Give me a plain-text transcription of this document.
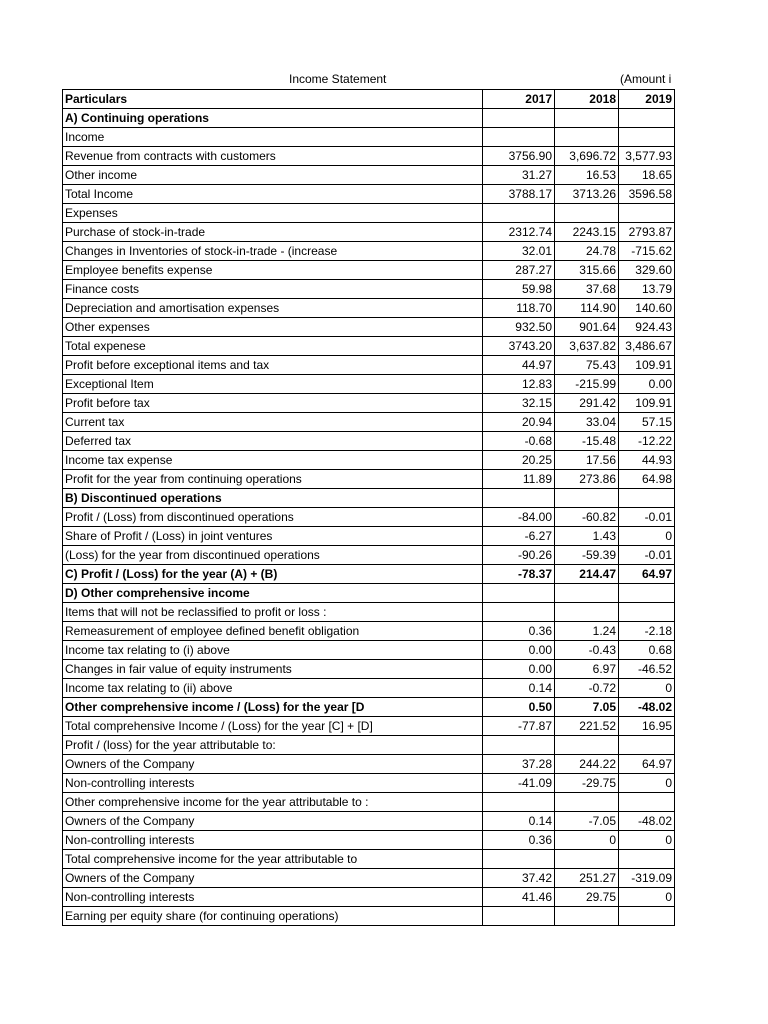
Income Statement	(Amount i
Particulars	2017	2018	2019
A) Continuing operations			
Income			
Revenue from contracts with customers	3756.90	3,696.72	3,577.93
Other income	31.27	16.53	18.65
Total Income	3788.17	3713.26	3596.58
Expenses			
Purchase of stock-in-trade	2312.74	2243.15	2793.87
Changes in Inventories of stock-in-trade - (increase	32.01	24.78	-715.62
Employee benefits expense	287.27	315.66	329.60
Finance costs	59.98	37.68	13.79
Depreciation and amortisation expenses	118.70	114.90	140.60
Other expenses	932.50	901.64	924.43
Total expenese	3743.20	3,637.82	3,486.67
Profit before exceptional items and tax	44.97	75.43	109.91
Exceptional Item	12.83	-215.99	0.00
Profit before tax	32.15	291.42	109.91
Current tax	20.94	33.04	57.15
Deferred tax	-0.68	-15.48	-12.22
Income tax expense	20.25	17.56	44.93
Profit for the year from continuing operations	11.89	273.86	64.98
B) Discontinued operations			
Profit / (Loss) from discontinued operations	-84.00	-60.82	-0.01
Share of Profit / (Loss) in joint ventures	-6.27	1.43	0
(Loss) for the year from discontinued operations	-90.26	-59.39	-0.01
C) Profit / (Loss) for the year (A) + (B)	-78.37	214.47	64.97
D) Other comprehensive income			
Items that will not be reclassified to profit or loss :			
Remeasurement of employee defined benefit obligation	0.36	1.24	-2.18
Income tax relating to (i) above	0.00	-0.43	0.68
Changes in fair value of equity instruments	0.00	6.97	-46.52
Income tax relating to (ii) above	0.14	-0.72	0
Other comprehensive income / (Loss) for the year [D	0.50	7.05	-48.02
Total comprehensive Income / (Loss) for the year [C] + [D]	-77.87	221.52	16.95
Profit / (loss) for the year attributable to:			
Owners of the Company	37.28	244.22	64.97
Non-controlling interests	-41.09	-29.75	0
Other comprehensive income for the year attributable to :			
Owners of the Company	0.14	-7.05	-48.02
Non-controlling interests	0.36	0	0
Total comprehensive income for the year attributable to			
Owners of the Company	37.42	251.27	-319.09
Non-controlling interests	41.46	29.75	0
Earning per equity share (for continuing operations)			
